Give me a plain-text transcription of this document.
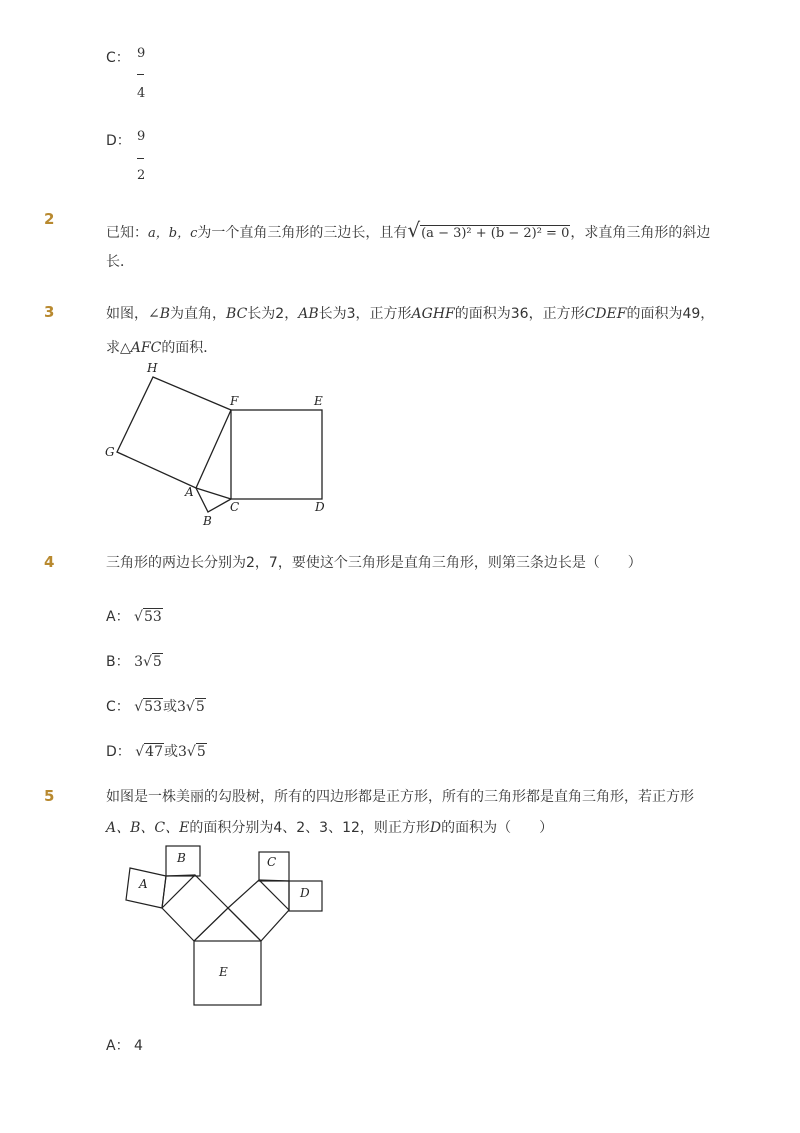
C： 9
4
D： 9
2
2
已知：a，b，c为一个直角三角形的三边长，且有√(a − 3)² + (b − 2)² = 0，求直角三角形的斜边
长．
3	如图，∠B为直角，BC长为2，AB长为3，正方形AGHF的面积为36，正方形CDEF的面积为49，
求△AFC的面积．
H
F	E
G
A
C	D
B
A
B	C
D
E
4	三角形的两边长分别为2，7，要使这个三角形是直角三角形，则第三条边长是（　　）
A： √53
B： 3√5
C： √53或3√5
D： √47或3√5
5	如图是一株美丽的勾股树，所有的四边形都是正方形，所有的三角形都是直角三角形，若正方形
A、B、C、E的面积分别为4、2、3、12，则正方形D的面积为（　　）
A： 4
